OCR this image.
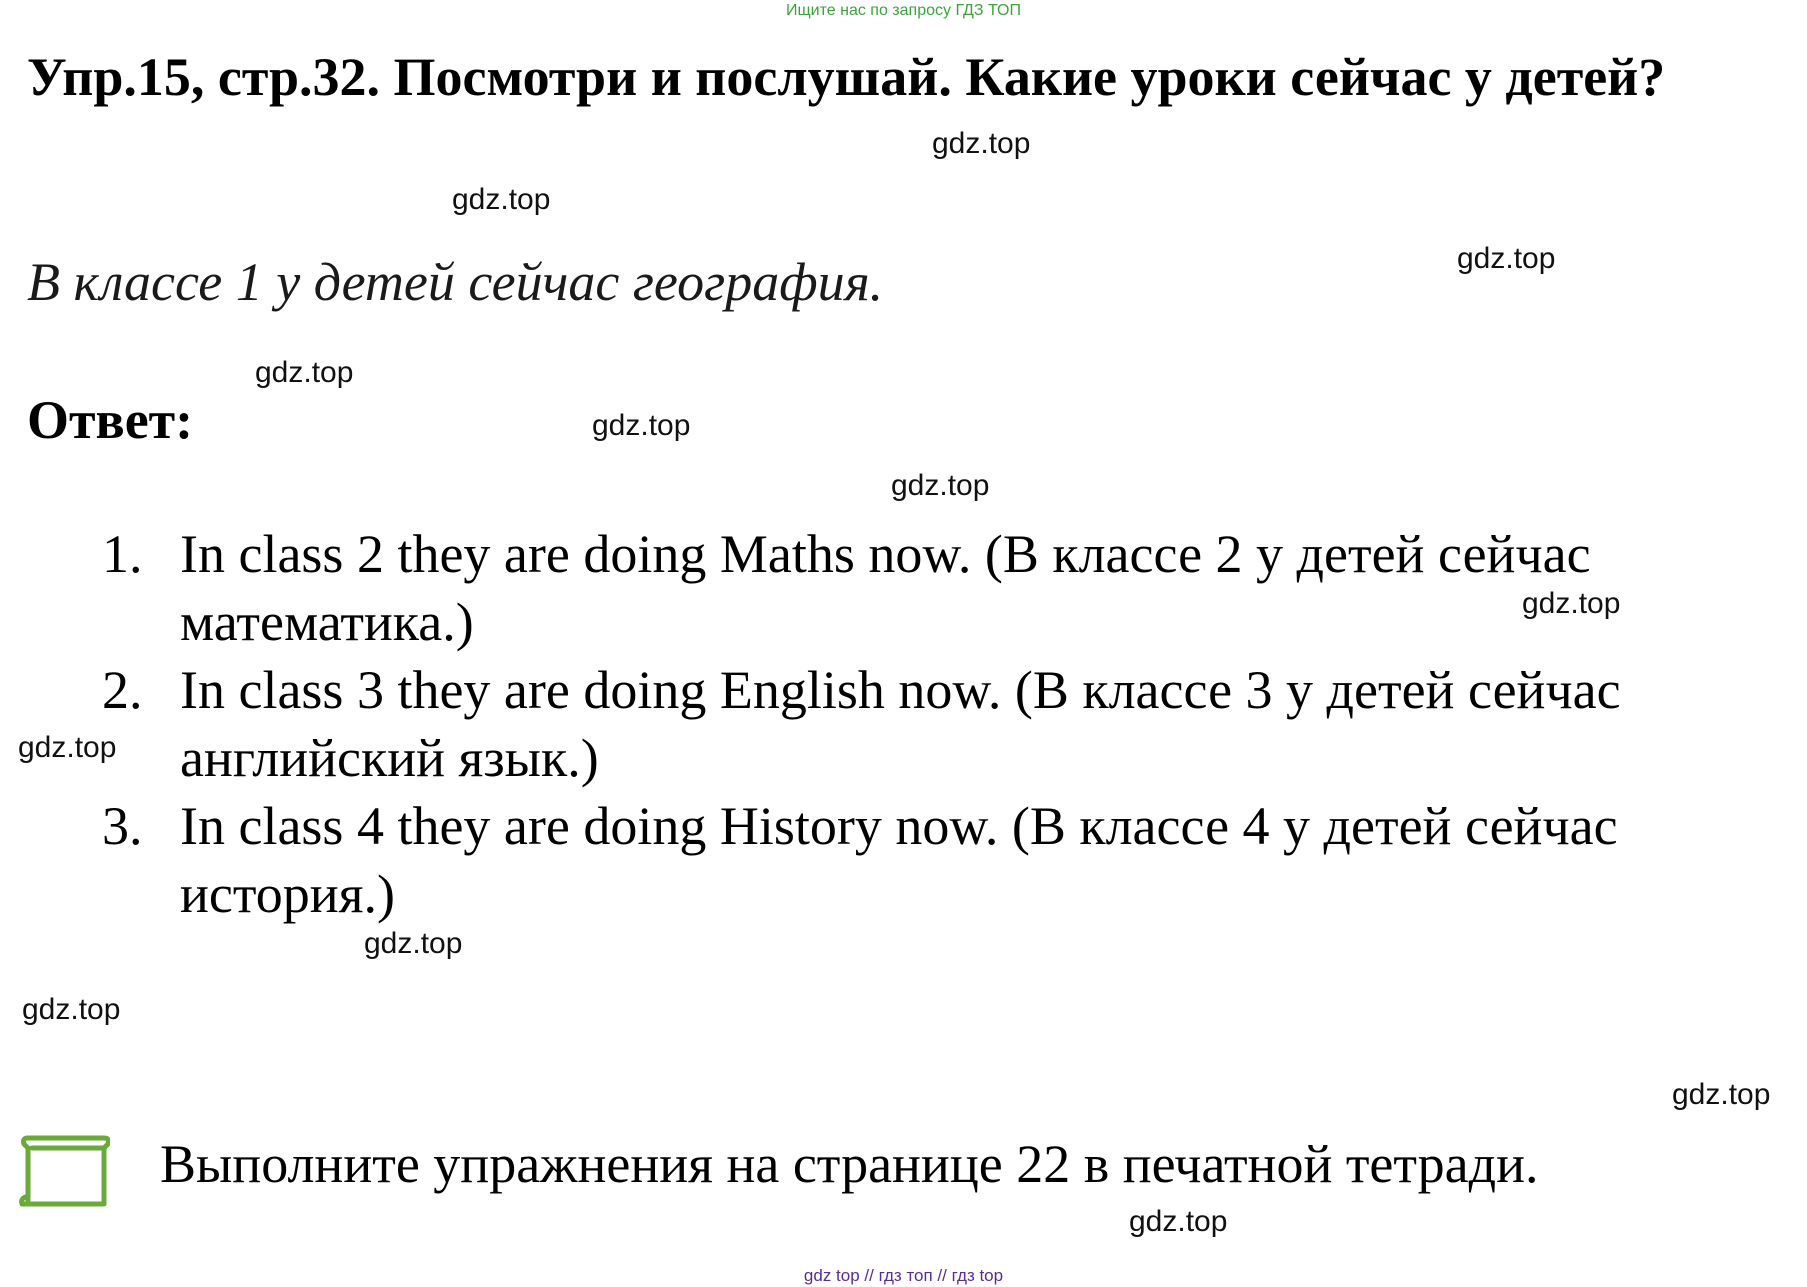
Ищите нас по запросу ГДЗ ТОП
Упр.15, стр.32. Посмотри и послушай. Какие уроки сейчас у детей?
В классе 1 у детей сейчас география.
Ответ:
1. In class 2 they are doing Maths now. (В классе 2 у детей сейчас математика.)
2. In class 3 they are doing English now. (В классе 3 у детей сейчас английский язык.)
3. In class 4 they are doing History now. (В классе 4 у детей сейчас история.)
Выполните упражнения на странице 22 в печатной тетради.
gdz.top
gdz.top
gdz.top
gdz.top
gdz.top
gdz.top
gdz.top
gdz.top
gdz.top
gdz.top
gdz.top
gdz.top
gdz top // гдз топ // гдз top
